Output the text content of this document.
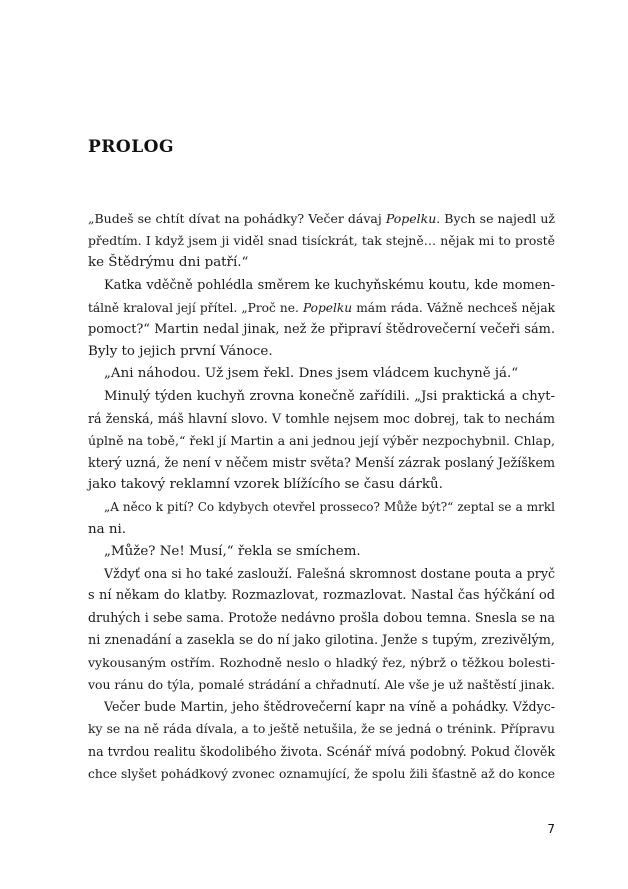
PROLOG
„Budeš se chtít dívat na pohádky? Večer dávaj Popelku. Bych se najedl už
předtím. I když jsem ji viděl snad tisíckrát, tak stejně… nějak mi to prostě
ke Štědrýmu dni patří.“
Katka vděčně pohlédla směrem ke kuchyňskému koutu, kde momen-
tálně kraloval její přítel. „Proč ne. Popelku mám ráda. Vážně nechceš nějak
pomoct?“ Martin nedal jinak, než že připraví štědrovečerní večeři sám.
Byly to jejich první Vánoce.
„Ani náhodou. Už jsem řekl. Dnes jsem vládcem kuchyně já.“
Minulý týden kuchyň zrovna konečně zařídili. „Jsi praktická a chyt-
rá ženská, máš hlavní slovo. V tomhle nejsem moc dobrej, tak to nechám
úplně na tobě,“ řekl jí Martin a ani jednou její výběr nezpochybnil. Chlap,
který uzná, že není v něčem mistr světa? Menší zázrak poslaný Ježíškem
jako takový reklamní vzorek blížícího se času dárků.
„A něco k pití? Co kdybych otevřel prosseco? Může být?“ zeptal se a mrkl
na ni.
„Může? Ne! Musí,“ řekla se smíchem.
Vždyť ona si ho také zaslouží. Falešná skromnost dostane pouta a pryč
s ní někam do klatby. Rozmazlovat, rozmazlovat. Nastal čas hýčkání od
druhých i sebe sama. Protože nedávno prošla dobou temna. Snesla se na
ni znenadání a zasekla se do ní jako gilotina. Jenže s tupým, zrezivělým,
vykousaným ostřím. Rozhodně neslo o hladký řez, nýbrž o těžkou bolesti-
vou ránu do týla, pomalé strádání a chřadnutí. Ale vše je už naštěstí jinak.
Večer bude Martin, jeho štědrovečerní kapr na víně a pohádky. Vždyc-
ky se na ně ráda dívala, a to ještě netušila, že se jedná o trénink. Přípravu
na tvrdou realitu škodolibého života. Scénář mívá podobný. Pokud člověk
chce slyšet pohádkový zvonec oznamující, že spolu žili šťastně až do konce
7
